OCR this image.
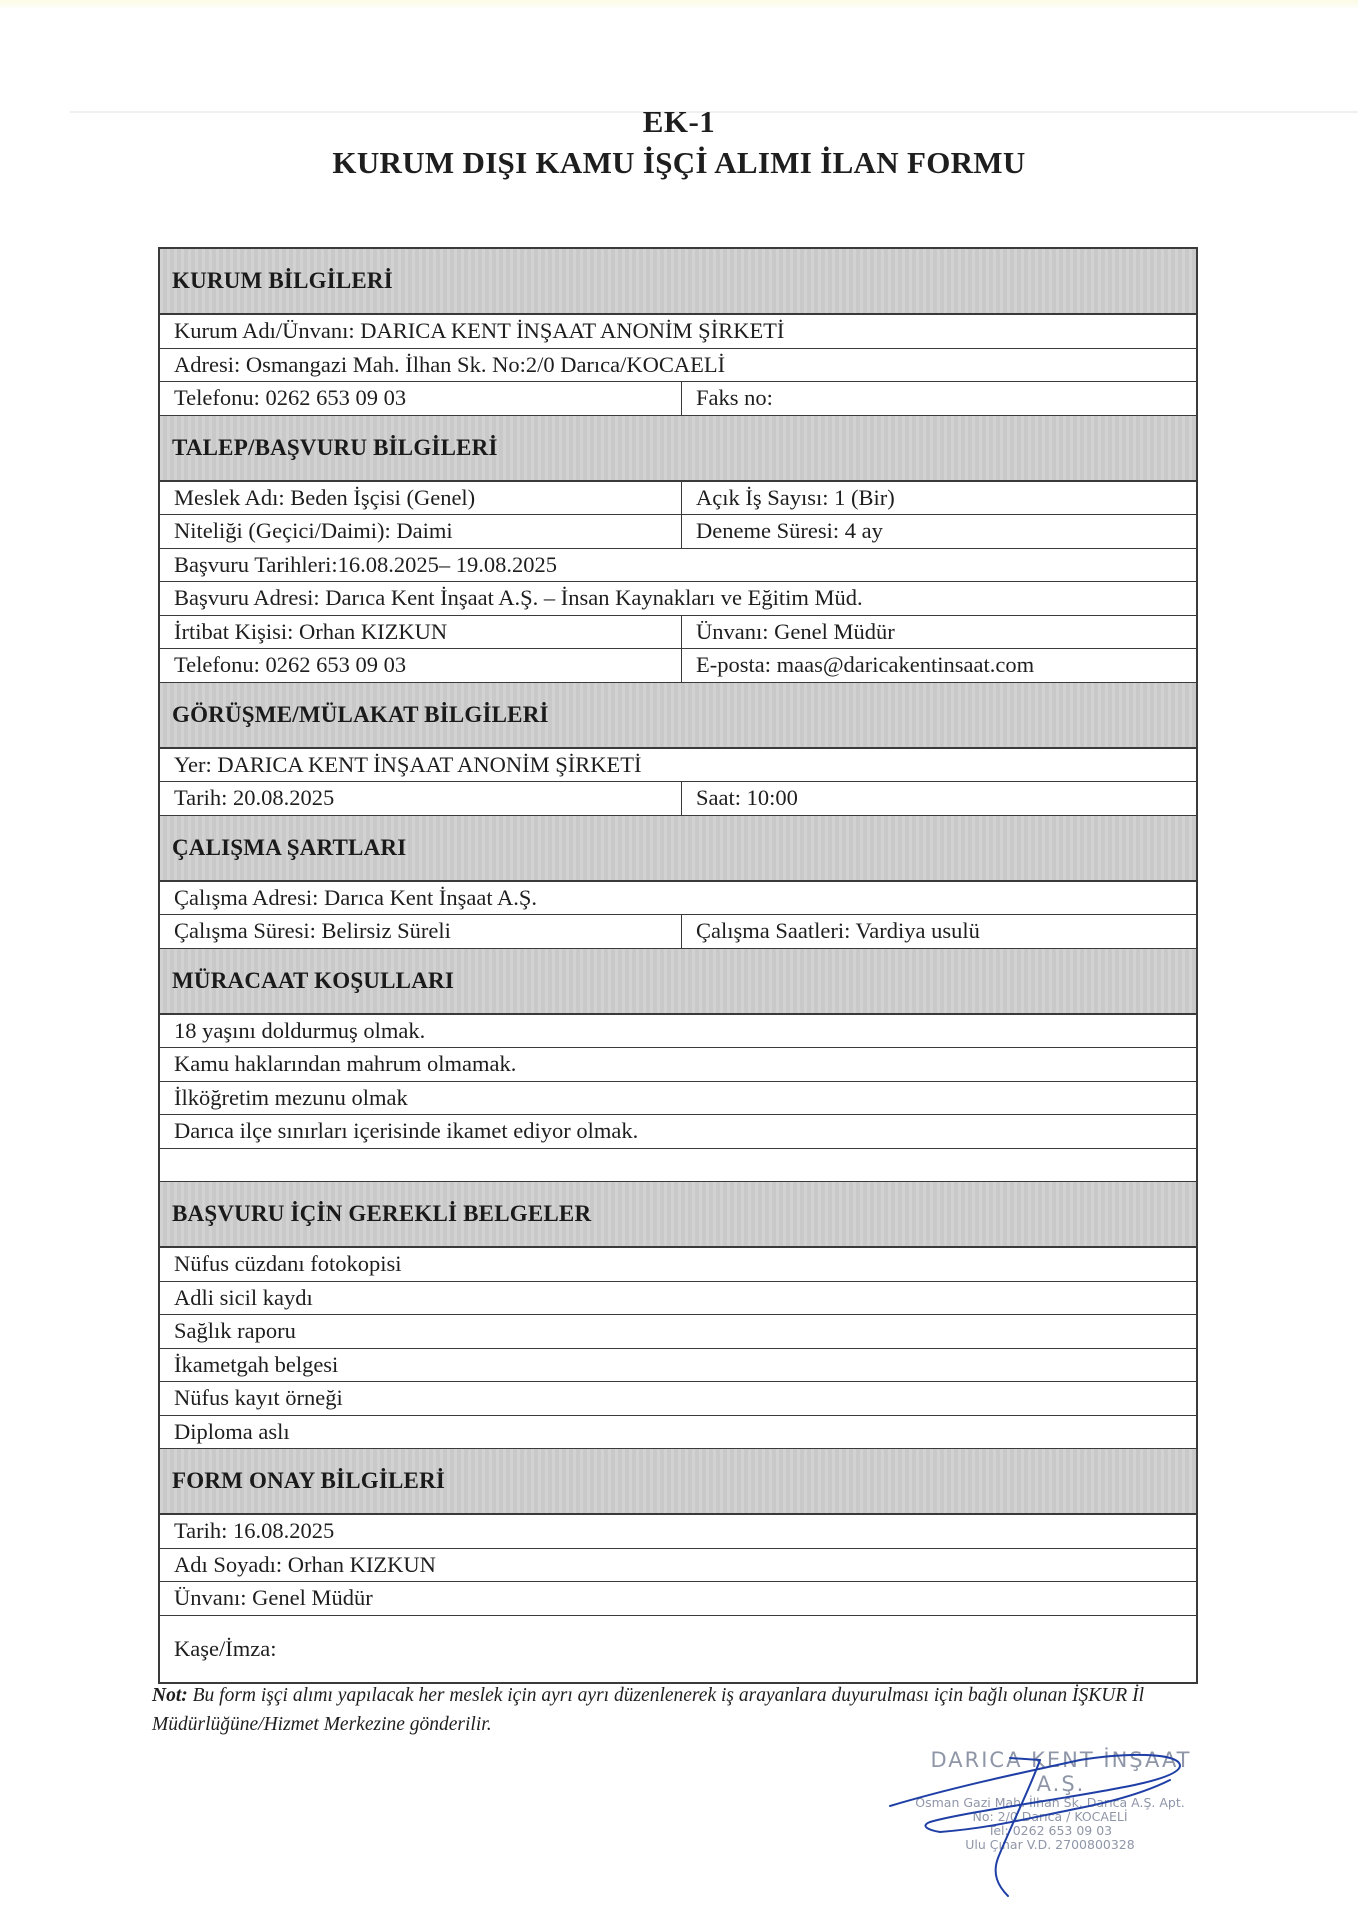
EK-1
KURUM DIŞI KAMU İŞÇİ ALIMI İLAN FORMU
KURUM BİLGİLERİ
Kurum Adı/Ünvanı: DARICA KENT İNŞAAT ANONİM ŞİRKETİ
Adresi: Osmangazi Mah. İlhan Sk. No:2/0 Darıca/KOCAELİ
Telefonu: 0262 653 09 03	Faks no:
TALEP/BAŞVURU BİLGİLERİ
Meslek Adı: Beden İşçisi (Genel)	Açık İş Sayısı: 1 (Bir)
Niteliği (Geçici/Daimi): Daimi	Deneme Süresi: 4 ay
Başvuru Tarihleri:16.08.2025– 19.08.2025
Başvuru Adresi: Darıca Kent İnşaat A.Ş. – İnsan Kaynakları ve Eğitim Müd.
İrtibat Kişisi: Orhan KIZKUN	Ünvanı: Genel Müdür
Telefonu: 0262 653 09 03	E-posta: maas@daricakentinsaat.com
GÖRÜŞME/MÜLAKAT BİLGİLERİ
Yer: DARICA KENT İNŞAAT ANONİM ŞİRKETİ
Tarih: 20.08.2025	Saat: 10:00
ÇALIŞMA ŞARTLARI
Çalışma Adresi: Darıca Kent İnşaat A.Ş.
Çalışma Süresi: Belirsiz Süreli	Çalışma Saatleri: Vardiya usulü
MÜRACAAT KOŞULLARI
18 yaşını doldurmuş olmak.
Kamu haklarından mahrum olmamak.
İlköğretim mezunu olmak
Darıca ilçe sınırları içerisinde ikamet ediyor olmak.
BAŞVURU İÇİN GEREKLİ BELGELER
Nüfus cüzdanı fotokopisi
Adli sicil kaydı
Sağlık raporu
İkametgah belgesi
Nüfus kayıt örneği
Diploma aslı
FORM ONAY BİLGİLERİ
Tarih: 16.08.2025
Adı Soyadı: Orhan KIZKUN
Ünvanı: Genel Müdür
Kaşe/İmza:
Not: Bu form işçi alımı yapılacak her meslek için ayrı ayrı düzenlenerek iş arayanlara duyurulması için bağlı olunan İŞKUR İl Müdürlüğüne/Hizmet Merkezine gönderilir.
DARICA KENT İNŞAAT A.Ş.
Osman Gazi Mah. İlhan Sk. Darıca A.Ş. Apt.
No: 2/0 Darıca / KOCAELİ
Tel: 0262 653 09 03
Ulu Çınar V.D. 2700800328
